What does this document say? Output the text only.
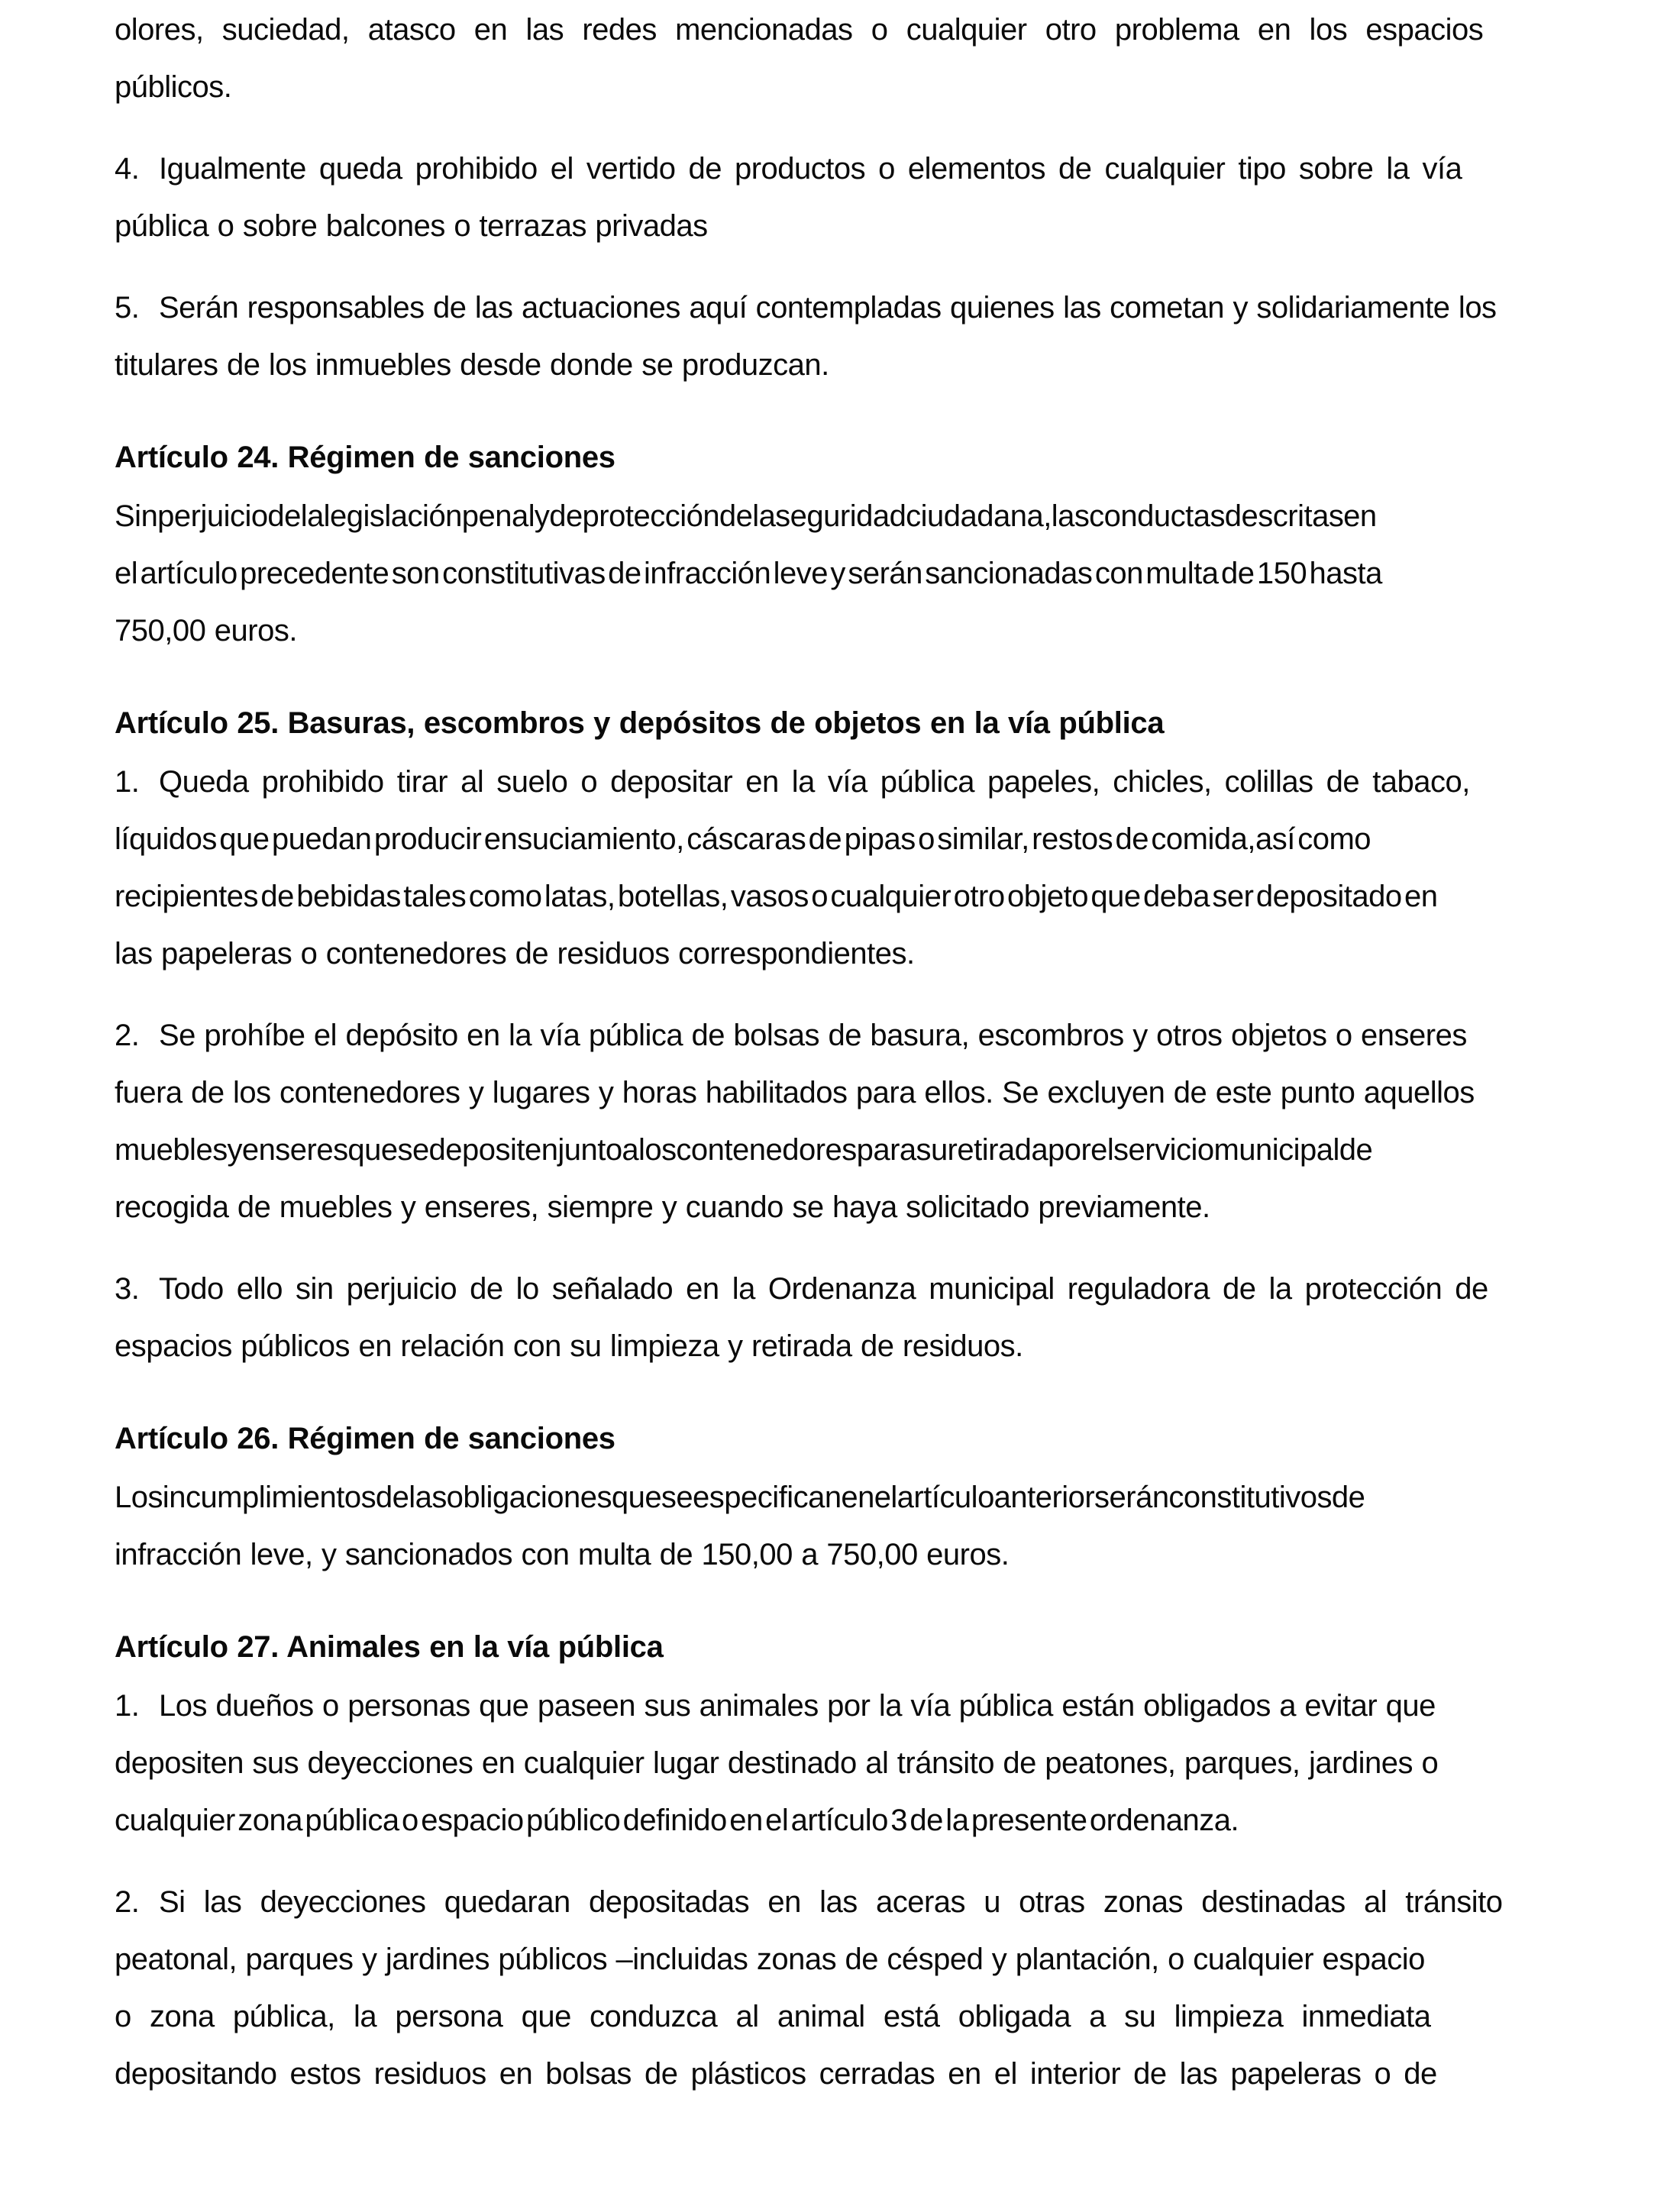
olores, suciedad, atasco en las redes mencionadas o cualquier otro problema en los espacios
públicos.
4. Igualmente queda prohibido el vertido de productos o elementos de cualquier tipo sobre la vía
pública o sobre balcones o terrazas privadas
5. Serán responsables de las actuaciones aquí contempladas quienes las cometan y solidariamente los
titulares de los inmuebles desde donde se produzcan.
Artículo 24. Régimen de sanciones
Sin perjuicio de la legislación penal y de protección de la seguridad ciudadana, las conductas descritas en
el artículo precedente son constitutivas de infracción leve y serán sancionadas con multa de 150 hasta
750,00 euros.
Artículo 25. Basuras, escombros y depósitos de objetos en la vía pública
1. Queda prohibido tirar al suelo o depositar en la vía pública papeles, chicles, colillas de tabaco,
líquidos que puedan producir ensuciamiento, cáscaras de pipas o similar, restos de comida,así como
recipientes de bebidas tales como latas, botellas, vasos o cualquier otro objeto que deba ser depositado en
las papeleras o contenedores de residuos correspondientes.
2. Se prohíbe el depósito en la vía pública de bolsas de basura, escombros y otros objetos o enseres
fuera de los contenedores y lugares y horas habilitados para ellos. Se excluyen de este punto aquellos
muebles y enseres que se depositen junto a los contenedores para su retirada por el servicio municipal de
recogida de muebles y enseres, siempre y cuando se haya solicitado previamente.
3. Todo ello sin perjuicio de lo señalado en la Ordenanza municipal reguladora de la protección de
espacios públicos en relación con su limpieza y retirada de residuos.
Artículo 26. Régimen de sanciones
Los incumplimientos de las obligaciones que se especifican en el artículo anterior serán constitutivos de
infracción leve, y sancionados con multa de 150,00 a 750,00 euros.
Artículo 27. Animales en la vía pública
1. Los dueños o personas que paseen sus animales por la vía pública están obligados a evitar que
depositen sus deyecciones en cualquier lugar destinado al tránsito de peatones, parques, jardines o
cualquier zona pública o espacio público definido en el artículo 3 de la presente ordenanza.
2. Si las deyecciones quedaran depositadas en las aceras u otras zonas destinadas al tránsito
peatonal, parques y jardines públicos –incluidas zonas de césped y plantación, o cualquier espacio
o zona pública, la persona que conduzca al animal está obligada a su limpieza inmediata
depositando estos residuos en bolsas de plásticos cerradas en el interior de las papeleras o de
